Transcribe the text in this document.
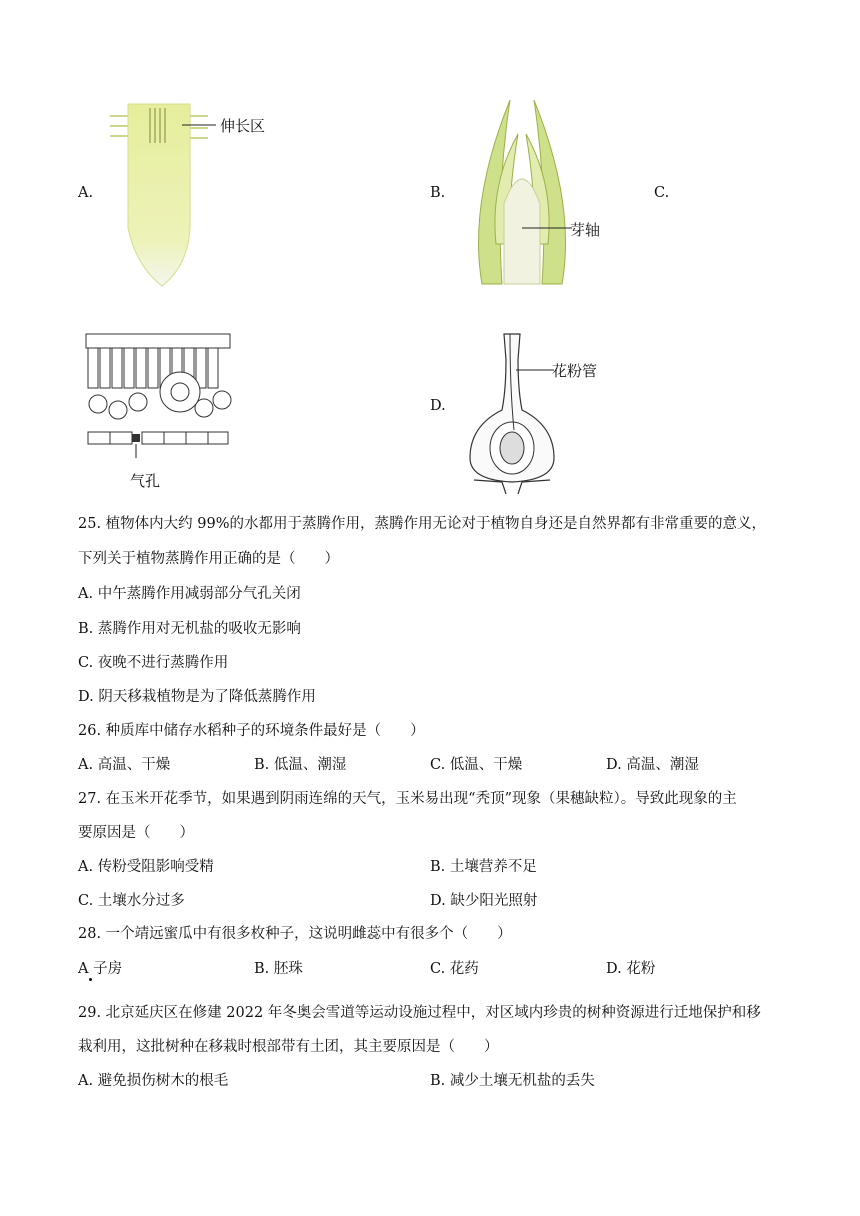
A.
伸长区
B.
芽轴
C.
气孔
D.
花粉管
25. 植物体内大约 99%的水都用于蒸腾作用，蒸腾作用无论对于植物自身还是自然界都有非常重要的意义，
下列关于植物蒸腾作用正确的是（　　）
A. 中午蒸腾作用减弱部分气孔关闭
B. 蒸腾作用对无机盐的吸收无影响
C. 夜晚不进行蒸腾作用
D. 阴天移栽植物是为了降低蒸腾作用
26. 种质库中储存水稻种子的环境条件最好是（　　）
A. 高温、干燥	B. 低温、潮湿	C. 低温、干燥	D. 高温、潮湿
27. 在玉米开花季节，如果遇到阴雨连绵的天气，玉米易出现“秃顶”现象（果穗缺粒）。导致此现象的主
要原因是（　　）
A. 传粉受阻影响受精	B. 土壤营养不足
C. 土壤水分过多	D. 缺少阳光照射
28. 一个靖远蜜瓜中有很多枚种子，这说明雌蕊中有很多个（　　）
A 子房	B. 胚珠	C. 花药	D. 花粉
29. 北京延庆区在修建 2022 年冬奥会雪道等运动设施过程中，对区域内珍贵的树种资源进行迁地保护和移
栽利用，这批树种在移栽时根部带有土团，其主要原因是（　　）
A. 避免损伤树木的根毛	B. 减少土壤无机盐的丢失
